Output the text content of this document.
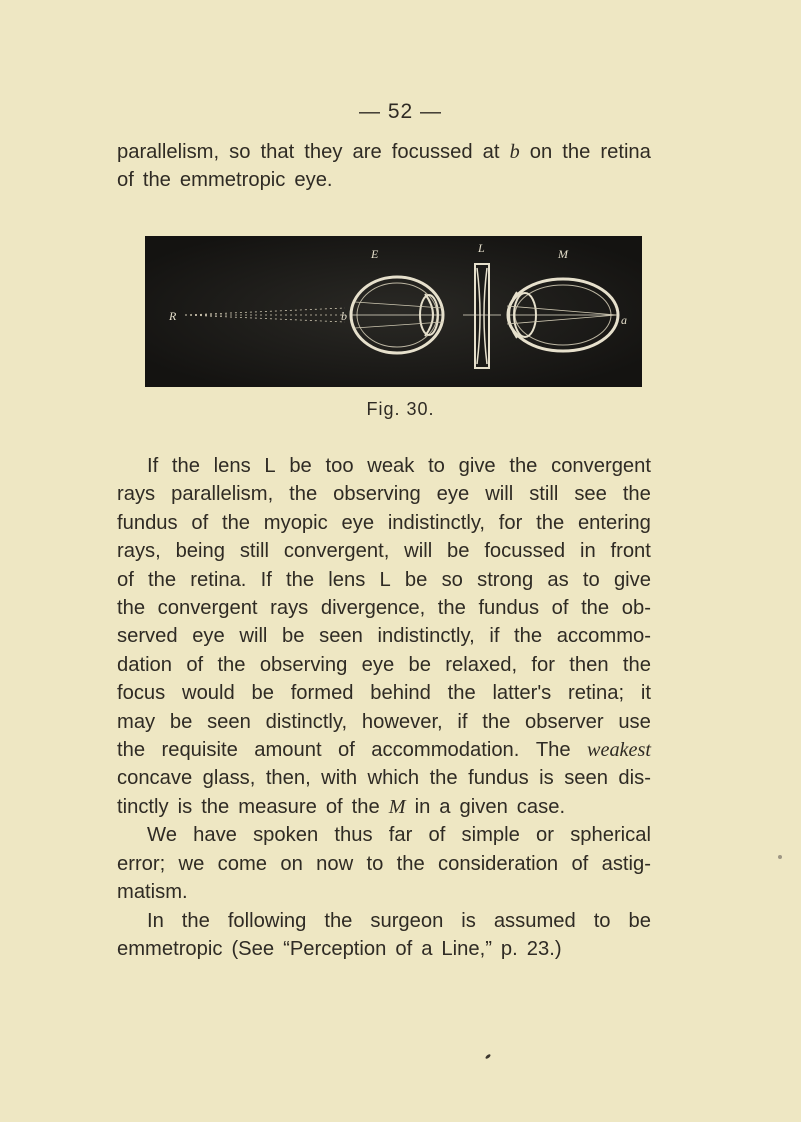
— 52 —
parallelism, so that they are focussed at b on the retina
of the emmetropic eye.
E	L	M
R	b	a
Fig. 30.
If the lens L be too weak to give the convergent
rays parallelism, the observing eye will still see the
fundus of the myopic eye indistinctly, for the entering
rays, being still convergent, will be focussed in front
of the retina. If the lens L be so strong as to give
the convergent rays divergence, the fundus of the ob-
served eye will be seen indistinctly, if the accommo-
dation of the observing eye be relaxed, for then the
focus would be formed behind the latter's retina; it
may be seen distinctly, however, if the observer use
the requisite amount of accommodation. The weakest
concave glass, then, with which the fundus is seen dis-
tinctly is the measure of the M in a given case.
We have spoken thus far of simple or spherical
error; we come on now to the consideration of astig-
matism.
In the following the surgeon is assumed to be
emmetropic (See “Perception of a Line,” p. 23.)
